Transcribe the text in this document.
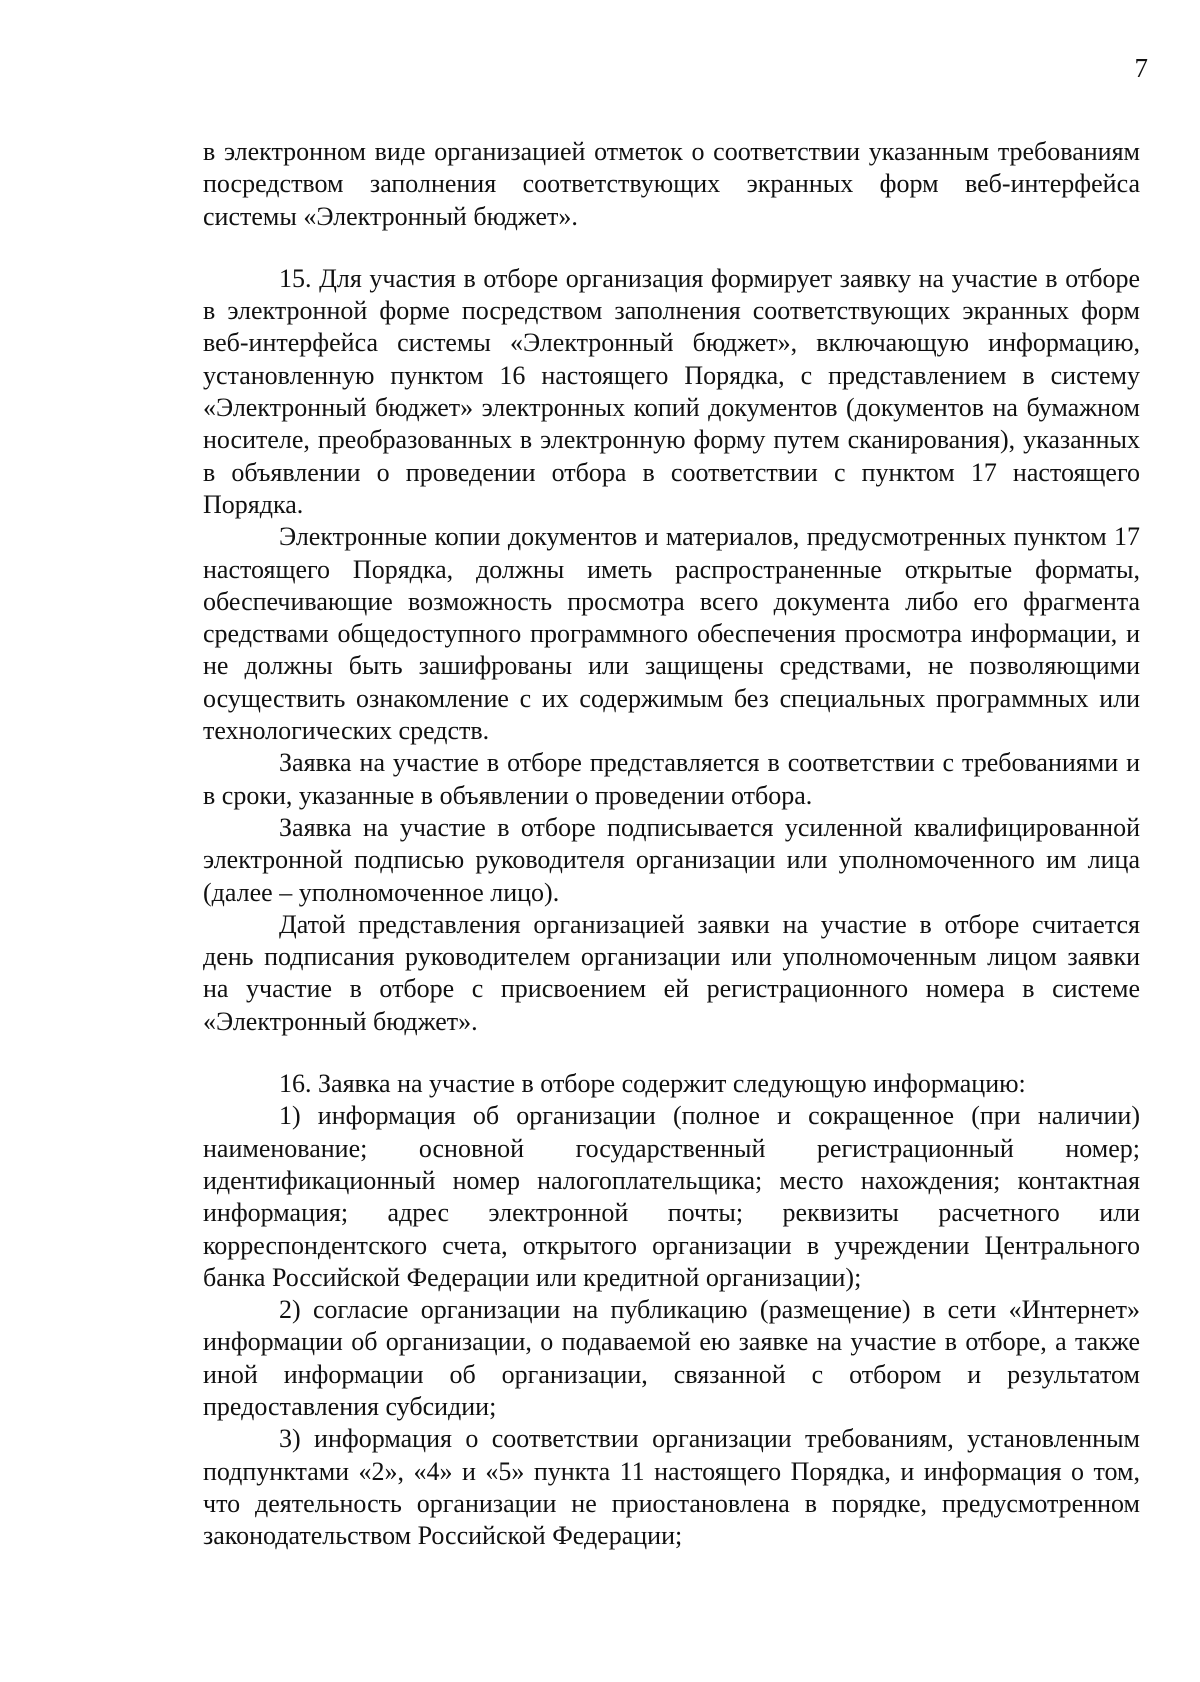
7

в электронном виде организацией отметок о соответствии указанным требованиям посредством заполнения соответствующих экранных форм веб-интерфейса системы «Электронный бюджет».

15. Для участия в отборе организация формирует заявку на участие в отборе в электронной форме посредством заполнения соответствующих экранных форм веб-интерфейса системы «Электронный бюджет», включающую информацию, установленную пунктом 16 настоящего Порядка, с представлением в систему «Электронный бюджет» электронных копий документов (документов на бумажном носителе, преобразованных в электронную форму путем сканирования), указанных в объявлении о проведении отбора в соответствии с пунктом 17 настоящего Порядка.

Электронные копии документов и материалов, предусмотренных пунктом 17 настоящего Порядка, должны иметь распространенные открытые форматы, обеспечивающие возможность просмотра всего документа либо его фрагмента средствами общедоступного программного обеспечения просмотра информации, и не должны быть зашифрованы или защищены средствами, не позволяющими осуществить ознакомление с их содержимым без специальных программных или технологических средств.

Заявка на участие в отборе представляется в соответствии с требованиями и в сроки, указанные в объявлении о проведении отбора.

Заявка на участие в отборе подписывается усиленной квалифицированной электронной подписью руководителя организации или уполномоченного им лица (далее – уполномоченное лицо).

Датой представления организацией заявки на участие в отборе считается день подписания руководителем организации или уполномоченным лицом заявки на участие в отборе с присвоением ей регистрационного номера в системе «Электронный бюджет».

16. Заявка на участие в отборе содержит следующую информацию:

1) информация об организации (полное и сокращенное (при наличии) наименование; основной государственный регистрационный номер; идентификационный номер налогоплательщика; место нахождения; контактная информация; адрес электронной почты; реквизиты расчетного или корреспондентского счета, открытого организации в учреждении Центрального банка Российской Федерации или кредитной организации);

2) согласие организации на публикацию (размещение) в сети «Интернет» информации об организации, о подаваемой ею заявке на участие в отборе, а также иной информации об организации, связанной с отбором и результатом предоставления субсидии;

3) информация о соответствии организации требованиям, установленным подпунктами «2», «4» и «5» пункта 11 настоящего Порядка, и информация о том, что деятельность организации не приостановлена в порядке, предусмотренном законодательством Российской Федерации;
